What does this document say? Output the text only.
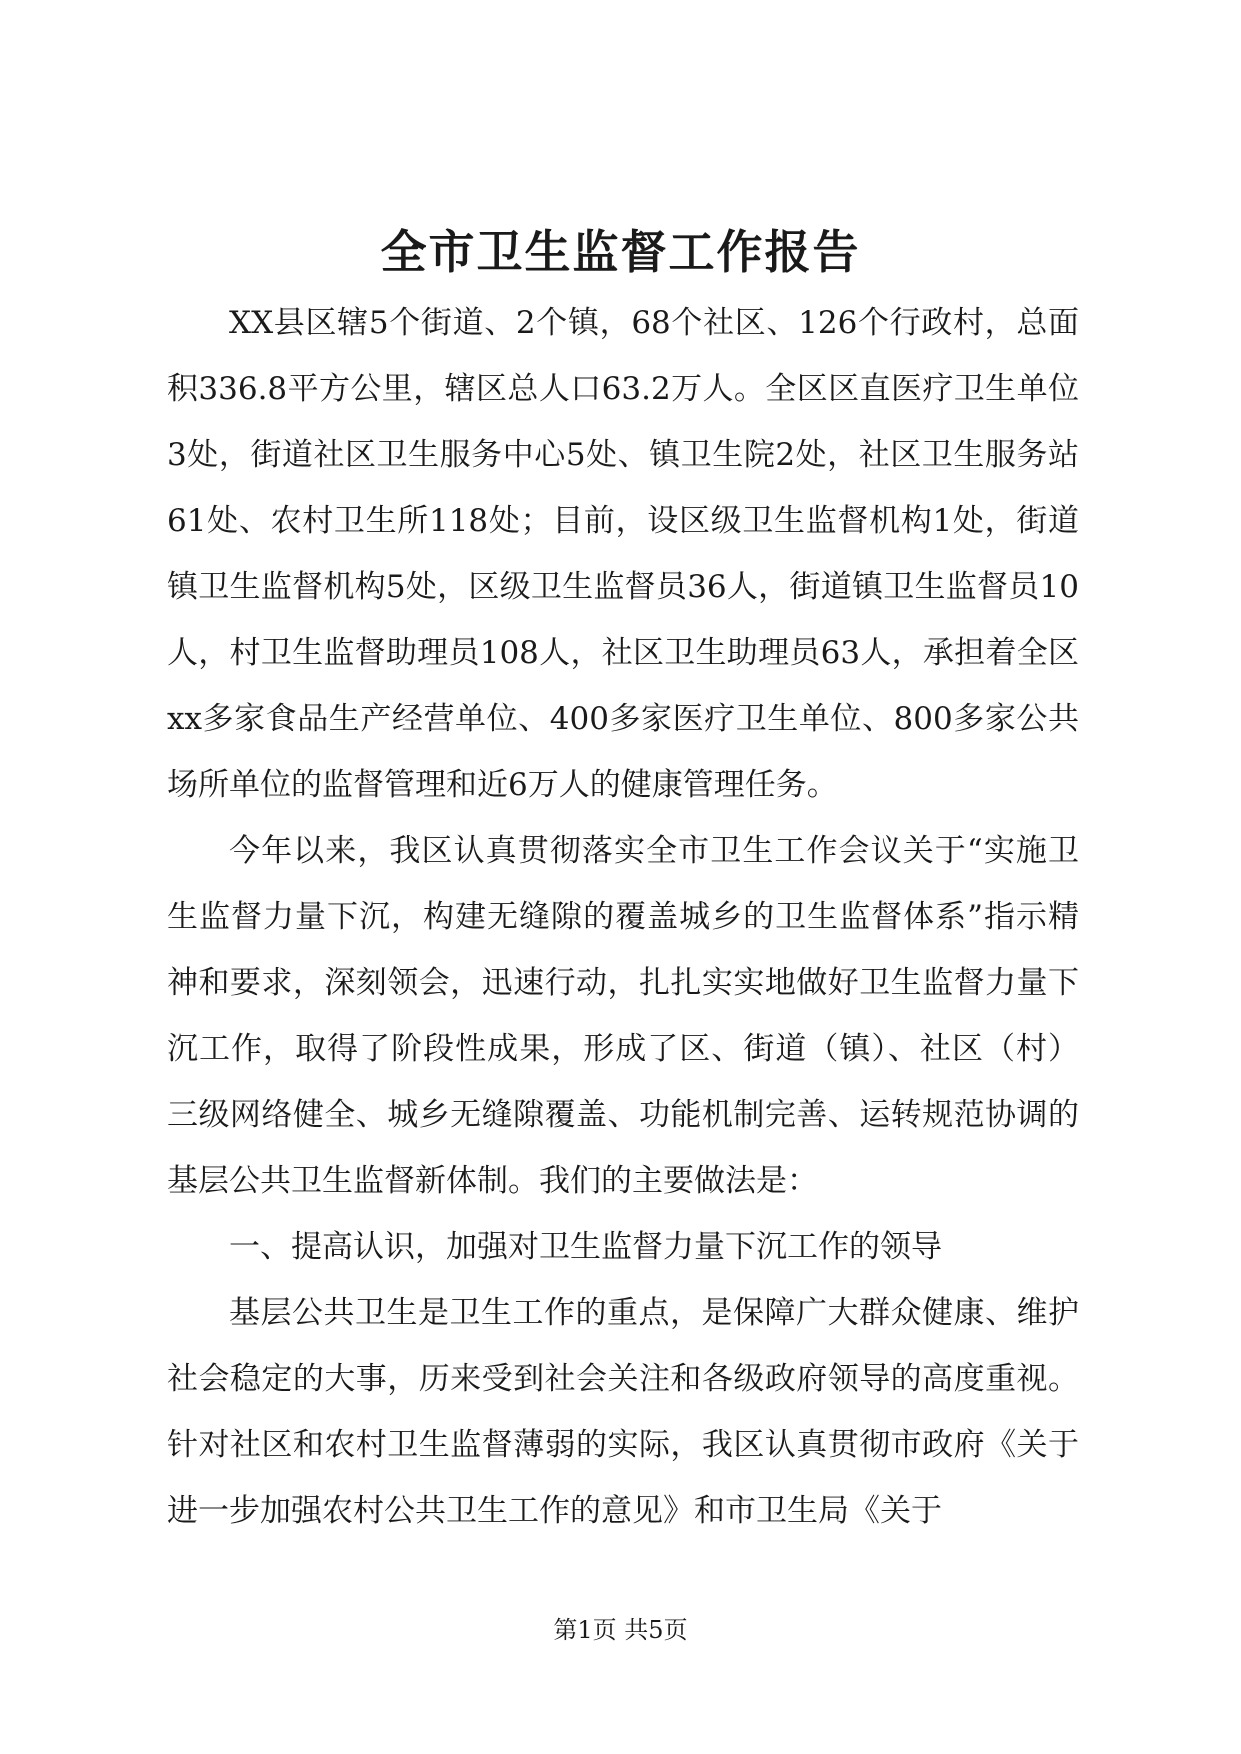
全市卫生监督工作报告

XX县区辖5个街道、2个镇，68个社区、126个行政村，总面积336.8平方公里，辖区总人口63.2万人。全区区直医疗卫生单位3处，街道社区卫生服务中心5处、镇卫生院2处，社区卫生服务站61处、农村卫生所118处；目前，设区级卫生监督机构1处，街道镇卫生监督机构5处，区级卫生监督员36人，街道镇卫生监督员10人，村卫生监督助理员108人，社区卫生助理员63人，承担着全区xx多家食品生产经营单位、400多家医疗卫生单位、800多家公共场所单位的监督管理和近6万人的健康管理任务。

今年以来，我区认真贯彻落实全市卫生工作会议关于“实施卫生监督力量下沉，构建无缝隙的覆盖城乡的卫生监督体系”指示精神和要求，深刻领会，迅速行动，扎扎实实地做好卫生监督力量下沉工作，取得了阶段性成果，形成了区、街道（镇）、社区（村）三级网络健全、城乡无缝隙覆盖、功能机制完善、运转规范协调的基层公共卫生监督新体制。我们的主要做法是：

一、提高认识，加强对卫生监督力量下沉工作的领导

基层公共卫生是卫生工作的重点，是保障广大群众健康、维护社会稳定的大事，历来受到社会关注和各级政府领导的高度重视。针对社区和农村卫生监督薄弱的实际，我区认真贯彻市政府《关于进一步加强农村公共卫生工作的意见》和市卫生局《关于

第1页 共5页
